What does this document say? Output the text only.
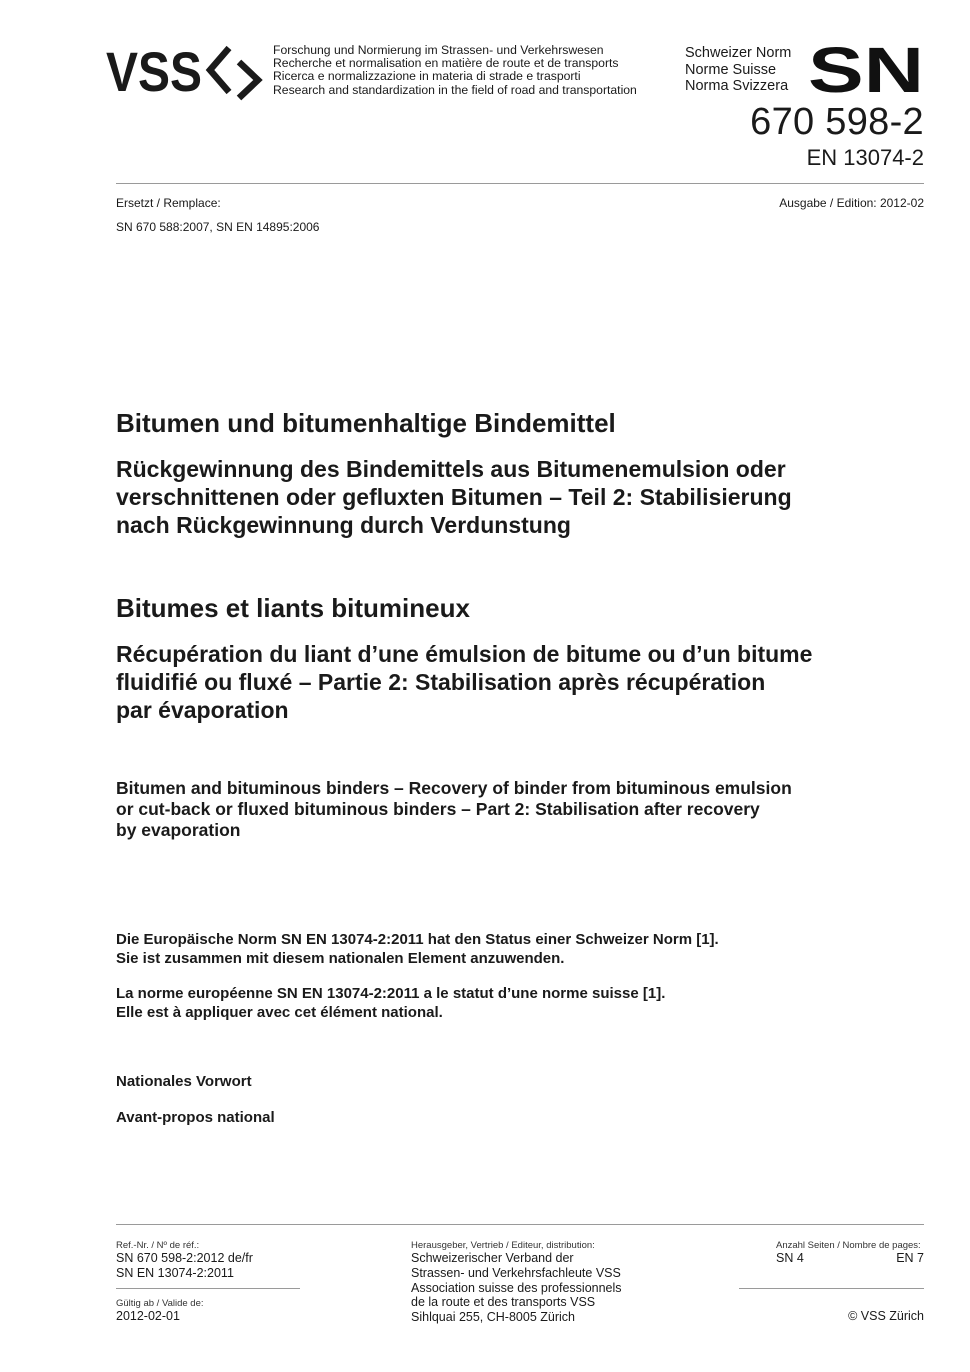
VSS	Forschung und Normierung im Strassen- und Verkehrswesen
Recherche et normalisation en matière de route et de transports
Ricerca e normalizzazione in materia di strade e trasporti
Research and standardization in the field of road and transportation
Schweizer Norm
Norme Suisse
Norma Svizzera SN
670 598-2
EN 13074-2
Ersetzt / Remplace:
SN 670 588:2007, SN EN 14895:2006
Ausgabe / Edition: 2012-02
Bitumen und bitumenhaltige Bindemittel
Rückgewinnung des Bindemittels aus Bitumenemulsion oder
verschnittenen oder gefluxten Bitumen – Teil 2: Stabilisierung
nach Rückgewinnung durch Verdunstung
Bitumes et liants bitumineux
Récupération du liant d’une émulsion de bitume ou d’un bitume
fluidifié ou fluxé – Partie 2: Stabilisation après récupération
par évaporation
Bitumen and bituminous binders – Recovery of binder from bituminous emulsion
or cut-back or fluxed bituminous binders – Part 2: Stabilisation after recovery
by evaporation
Die Europäische Norm SN EN 13074-2:2011 hat den Status einer Schweizer Norm [1].
Sie ist zusammen mit diesem nationalen Element anzuwenden.
La norme européenne SN EN 13074-2:2011 a le statut d’une norme suisse [1].
Elle est à appliquer avec cet élément national.
Nationales Vorwort
Avant-propos national
Ref.-Nr. / Nº de réf.:
SN 670 598-2:2012 de/fr
SN EN 13074-2:2011
Gültig ab / Valide de:
2012-02-01
Herausgeber, Vertrieb / Editeur, distribution:
Schweizerischer Verband der
Strassen- und Verkehrsfachleute VSS
Association suisse des professionnels
de la route et des transports VSS
Sihlquai 255, CH-8005 Zürich
Anzahl Seiten / Nombre de pages:
SN 4	EN 7
© VSS Zürich
